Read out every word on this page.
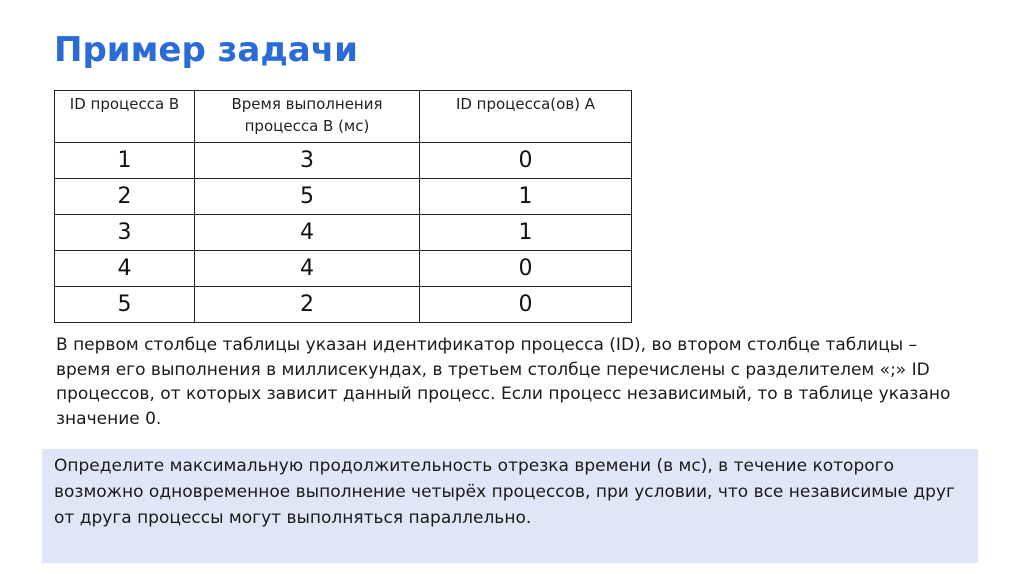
Пример задачи
ID процесса B	Время выполнения процесса B (мс)	ID процесса(ов) A
1	3	0
2	5	1
3	4	1
4	4	0
5	2	0

В первом столбце таблицы указан идентификатор процесса (ID), во втором столбце таблицы – время его выполнения в миллисекундах, в третьем столбце перечислены с разделителем «;» ID процессов, от которых зависит данный процесс. Если процесс независимый, то в таблице указано значение 0.

Определите максимальную продолжительность отрезка времени (в мс), в течение которого возможно одновременное выполнение четырёх процессов, при условии, что все независимые друг от друга процессы могут выполняться параллельно.
